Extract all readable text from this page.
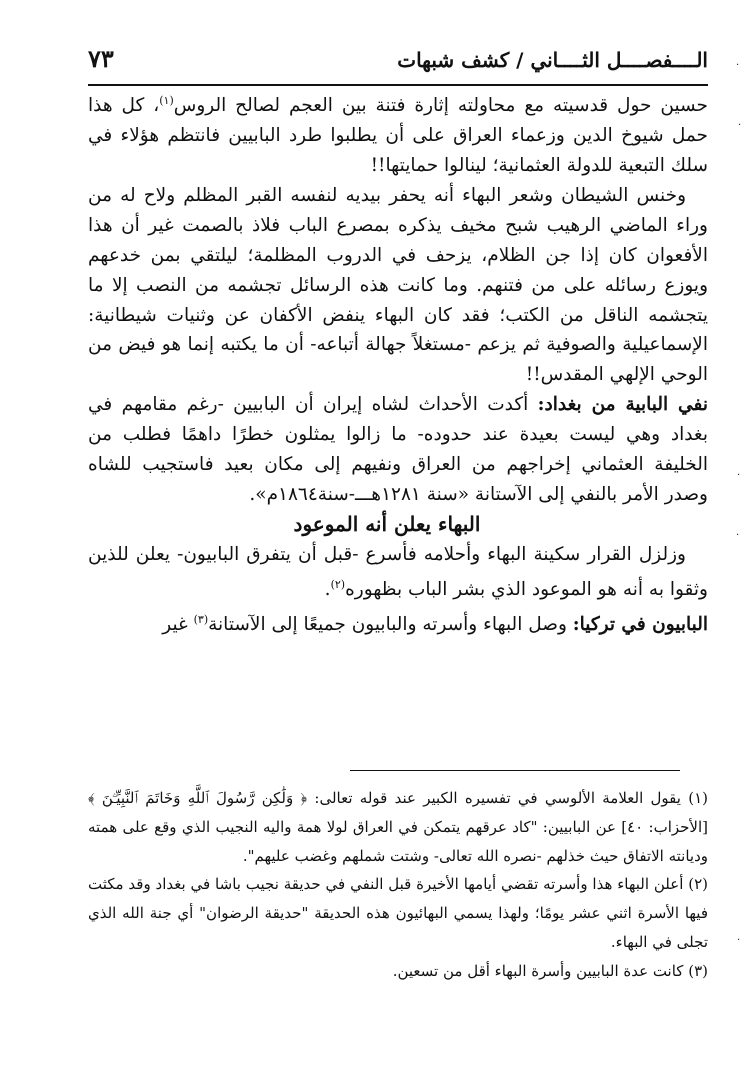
الــــفصــــل الثــــاني / كشف شبهات
٧٣

حسين حول قدسيته مع محاولته إثارة فتنة بين العجم لصالح الروس$^{(١)}$، كل هذا حمل شيوخ الدين وزعماء العراق على أن يطلبوا طرد البابيين فانتظم هؤلاء في سلك التبعية للدولة العثمانية؛ لينالوا حمايتها!!

وخنس الشيطان وشعر البهاء أنه يحفر بيديه لنفسه القبر المظلم ولاح له من وراء الماضي الرهيب شبح مخيف يذكره بمصرع الباب فلاذ بالصمت غير أن هذا الأفعوان كان إذا جن الظلام، يزحف في الدروب المظلمة؛ ليلتقي بمن خدعهم ويوزع رسائله على من فتنهم. وما كانت هذه الرسائل تجشمه من النصب إلا ما يتجشمه الناقل من الكتب؛ فقد كان البهاء ينفض الأكفان عن وثنيات شيطانية: الإسماعيلية والصوفية ثم يزعم -مستغلاً جهالة أتباعه- أن ما يكتبه إنما هو فيض من الوحي الإلهي المقدس!!

نفي البابية من بغداد: أكدت الأحداث لشاه إيران أن البابيين -رغم مقامهم في بغداد وهي ليست بعيدة عند حدوده- ما زالوا يمثلون خطرًا داهمًا فطلب من الخليفة العثماني إخراجهم من العراق ونفيهم إلى مكان بعيد فاستجيب للشاه وصدر الأمر بالنفي إلى الآستانة «سنة ١٢٨١هـــ-سنة١٨٦٤م».

البهاء يعلن أنه الموعود

وزلزل القرار سكينة البهاء وأحلامه فأسرع -قبل أن يتفرق البابيون- يعلن للذين وثقوا به أنه هو الموعود الذي بشر الباب بظهوره$^{(٢)}$.

البابيون في تركيا: وصل البهاء وأسرته والبابيون جميعًا إلى الآستانة$^{(٣)}$ غير

(١) يقول العلامة الألوسي في تفسيره الكبير عند قوله تعالى: ﴿ وَلَٰكِن رَّسُولَ ٱللَّهِ وَخَاتَمَ ٱلنَّبِيِّـۧنَ ﴾ [الأحزاب: ٤٠] عن البابيين: "كاد عرقهم يتمكن في العراق لولا همة واليه النجيب الذي وقع على همته وديانته الاتفاق حيث خذلهم -نصره الله تعالى- وشتت شملهم وغضب عليهم".

(٢) أعلن البهاء هذا وأسرته تقضي أيامها الأخيرة قبل النفي في حديقة نجيب باشا في بغداد وقد مكثت فيها الأسرة اثني عشر يومًا؛ ولهذا يسمي البهائيون هذه الحديقة "حديقة الرضوان" أي جنة الله الذي تجلى في البهاء.

(٣) كانت عدة البابيين وأسرة البهاء أقل من تسعين.

·
·
·
·
·
